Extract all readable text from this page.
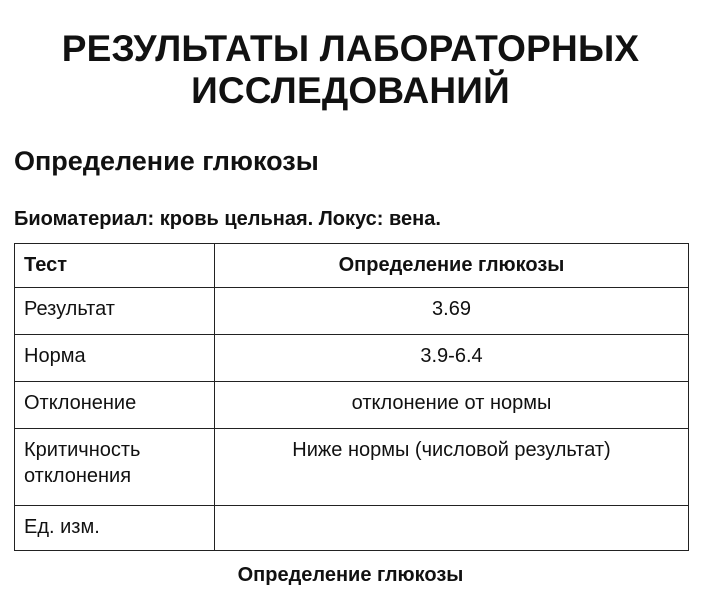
РЕЗУЛЬТАТЫ ЛАБОРАТОРНЫХ
ИССЛЕДОВАНИЙ
Определение глюкозы

Биоматериал: кровь цельная. Локус: вена.

Тест	Определение глюкозы
Результат	3.69
Норма	3.9-6.4
Отклонение	отклонение от нормы
Критичность отклонения	Ниже нормы (числовой результат)
Ед. изм.	

Определение глюкозы
